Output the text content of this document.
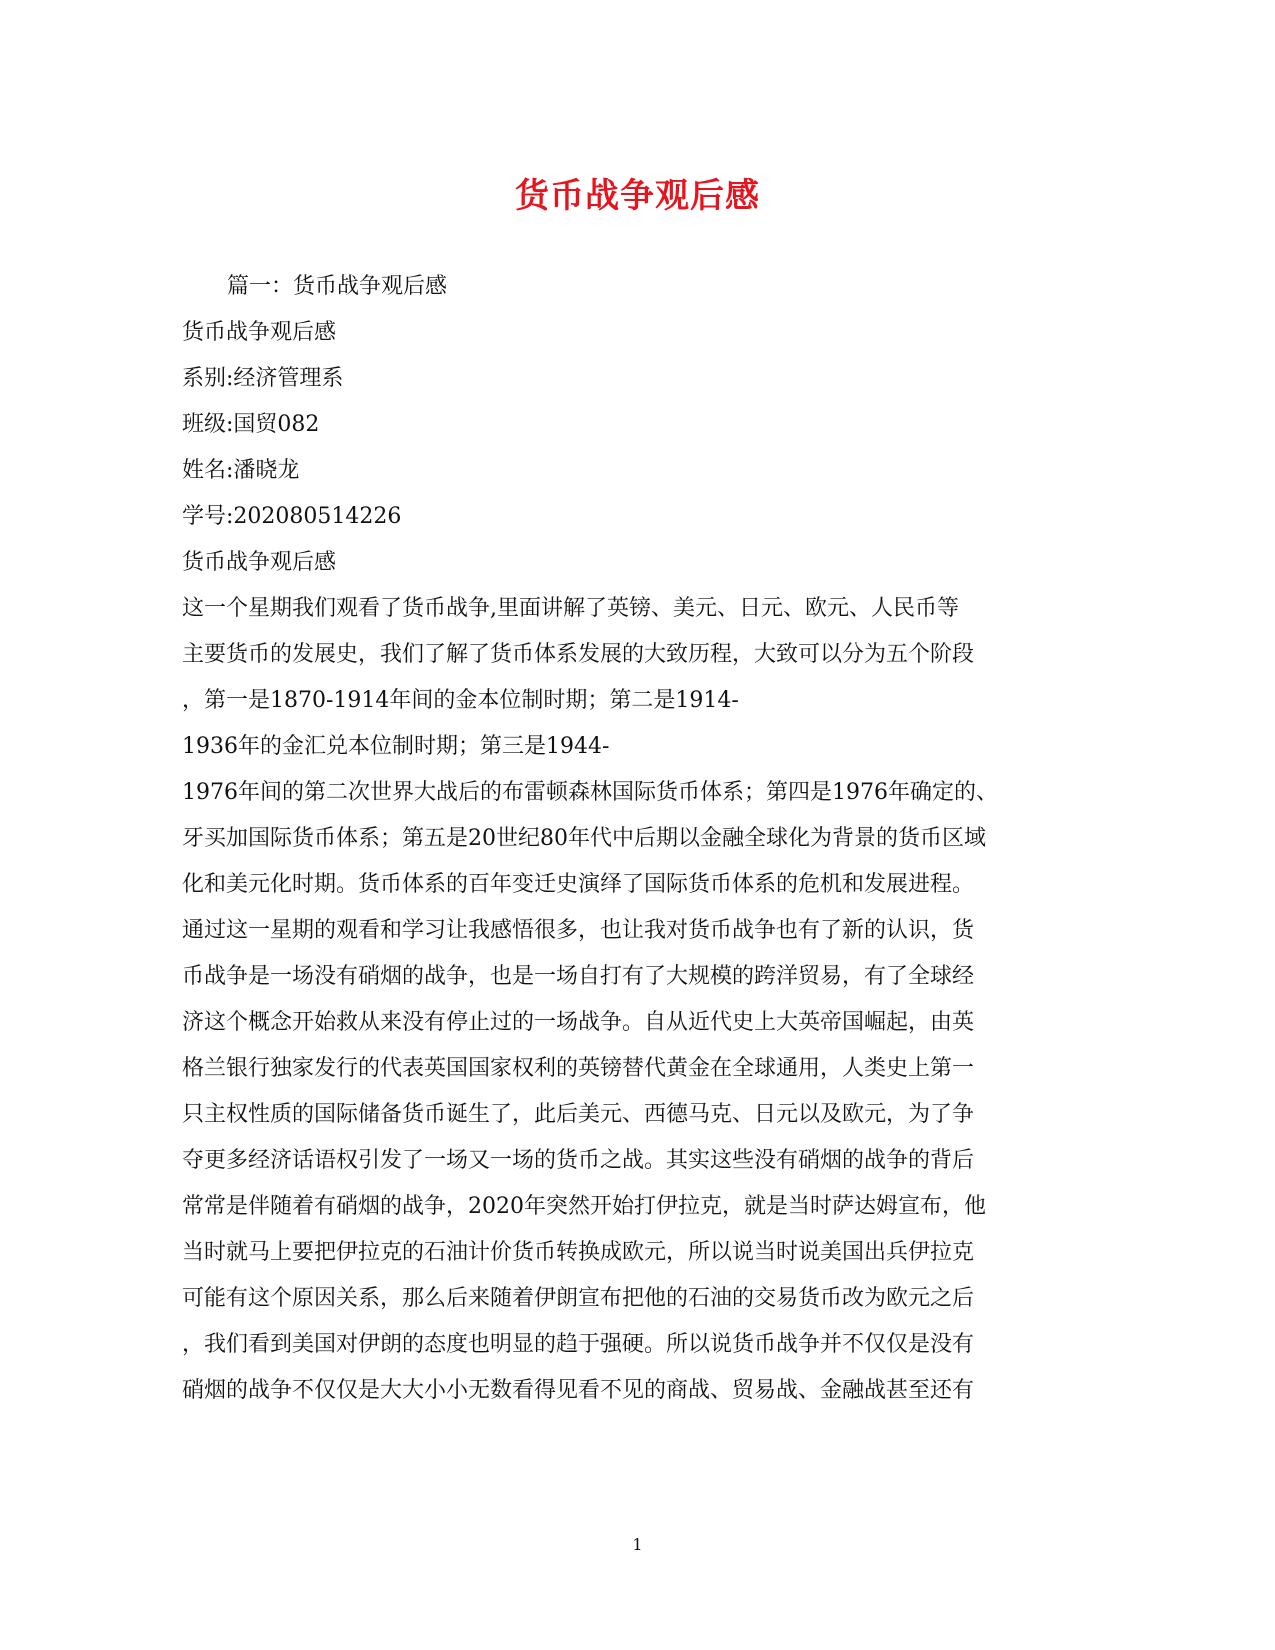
货币战争观后感
篇一：货币战争观后感
货币战争观后感
系别:经济管理系
班级:国贸082
姓名:潘晓龙
学号:202080514226
货币战争观后感
这一个星期我们观看了货币战争,里面讲解了英镑、美元、日元、欧元、人民币等
主要货币的发展史，我们了解了货币体系发展的大致历程，大致可以分为五个阶段
，第一是1870-1914年间的金本位制时期；第二是1914-
1936年的金汇兑本位制时期；第三是1944-
1976年间的第二次世界大战后的布雷顿森林国际货币体系；第四是1976年确定的、
牙买加国际货币体系；第五是20世纪80年代中后期以金融全球化为背景的货币区域
化和美元化时期。货币体系的百年变迁史演绎了国际货币体系的危机和发展进程。
通过这一星期的观看和学习让我感悟很多，也让我对货币战争也有了新的认识，货
币战争是一场没有硝烟的战争，也是一场自打有了大规模的跨洋贸易，有了全球经
济这个概念开始救从来没有停止过的一场战争。自从近代史上大英帝国崛起，由英
格兰银行独家发行的代表英国国家权利的英镑替代黄金在全球通用，人类史上第一
只主权性质的国际储备货币诞生了，此后美元、西德马克、日元以及欧元，为了争
夺更多经济话语权引发了一场又一场的货币之战。其实这些没有硝烟的战争的背后
常常是伴随着有硝烟的战争，2020年突然开始打伊拉克，就是当时萨达姆宣布，他
当时就马上要把伊拉克的石油计价货币转换成欧元，所以说当时说美国出兵伊拉克
可能有这个原因关系，那么后来随着伊朗宣布把他的石油的交易货币改为欧元之后
，我们看到美国对伊朗的态度也明显的趋于强硬。所以说货币战争并不仅仅是没有
硝烟的战争不仅仅是大大小小无数看得见看不见的商战、贸易战、金融战甚至还有
1
